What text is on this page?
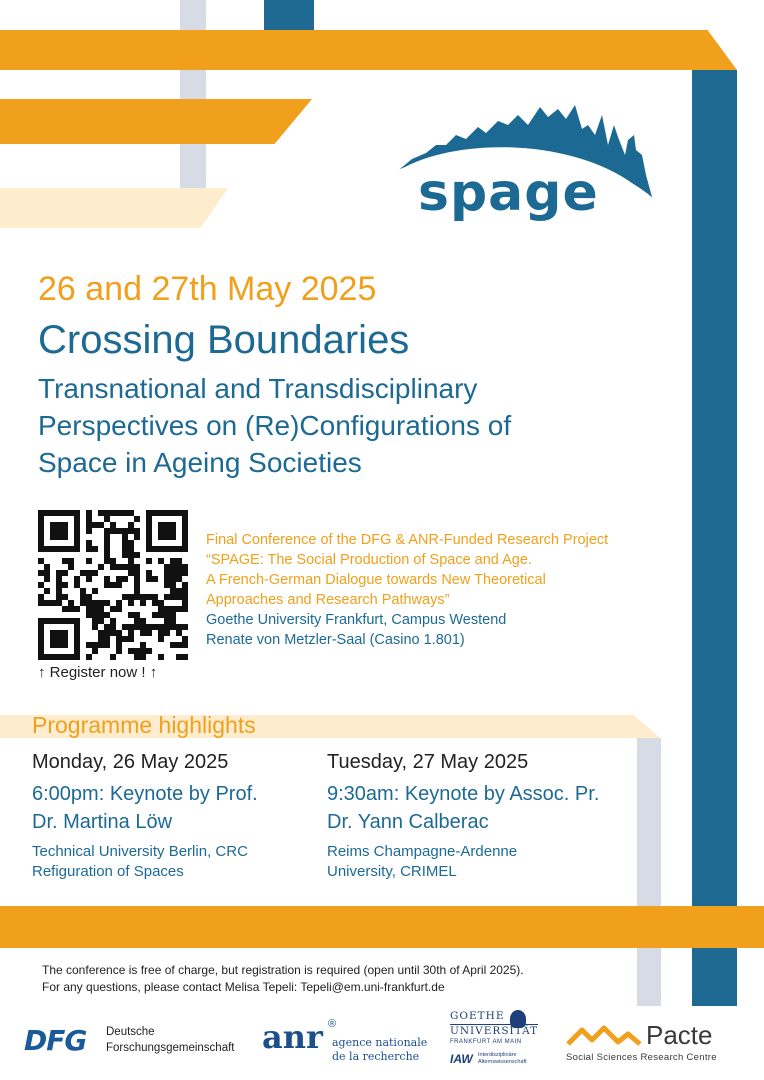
spage
26 and 27th May 2025
Crossing Boundaries
Transnational and Transdisciplinary
Perspectives on (Re)Configurations of
Space in Ageing Societies
↑ Register now ! ↑
Final Conference of the DFG & ANR-Funded Research Project
“SPAGE: The Social Production of Space and Age.
A French-German Dialogue towards New Theoretical
Approaches and Research Pathways”
Goethe University Frankfurt, Campus Westend
Renate von Metzler-Saal (Casino 1.801)
Programme highlights
Monday, 26 May 2025
6:00pm: Keynote by Prof.
Dr. Martina Löw
Technical University Berlin, CRC
Refiguration of Spaces
Tuesday, 27 May 2025
9:30am: Keynote by Assoc. Pr.
Dr. Yann Calberac
Reims Champagne-Ardenne
University, CRIMEL
The conference is free of charge, but registration is required (open until 30th of April 2025).
For any questions, please contact Melisa Tepeli: Tepeli@em.uni-frankfurt.de
DFG Deutsche
Forschungsgemeinschaft anr ®
agence nationale
de la recherche
GOETHE
UNIVERSITÄT
FRANKFURT AM MAIN
IAW Interdisziplinäre
Alternswissenschaft
Pacte
Social Sciences Research Centre
